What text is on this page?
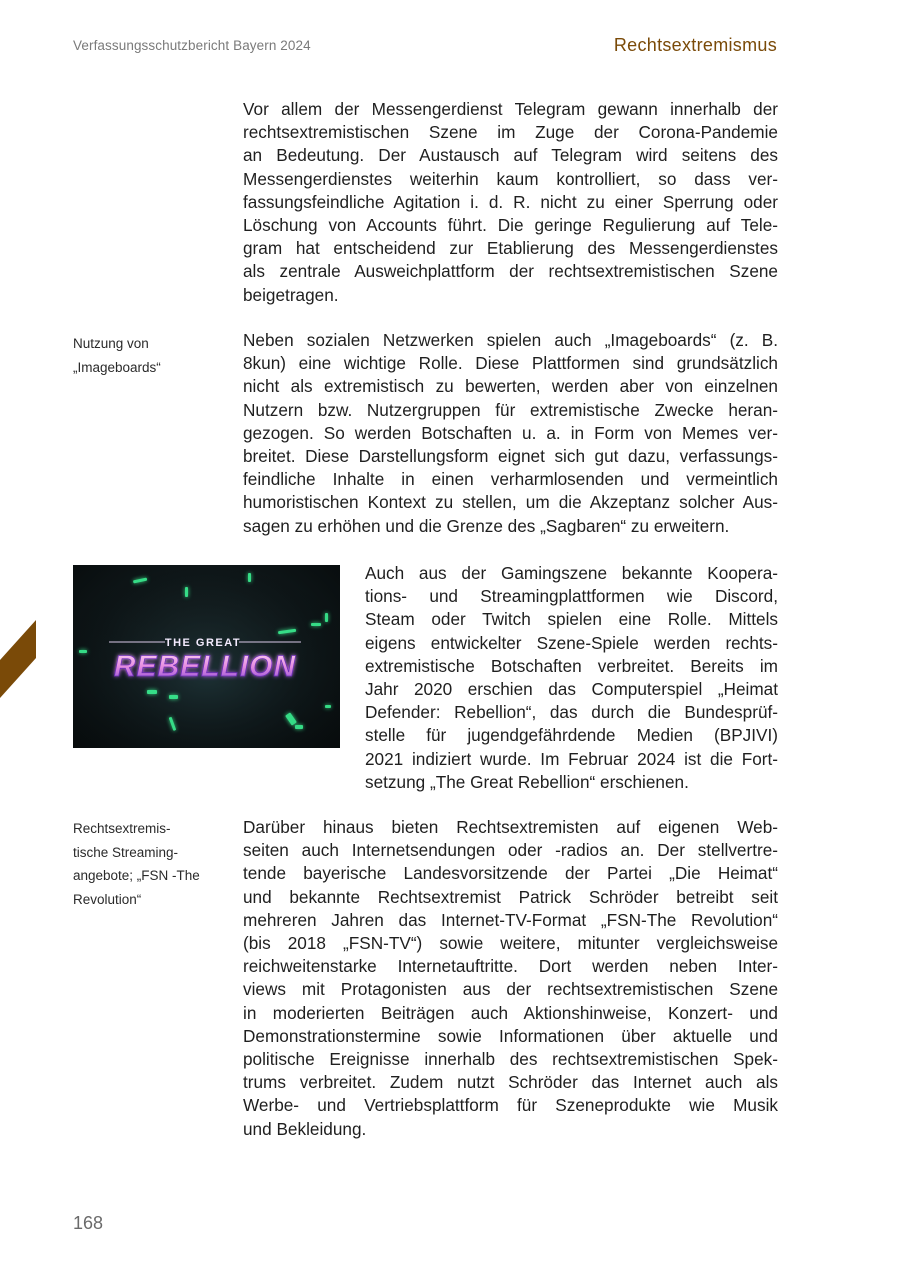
Verfassungsschutzbericht Bayern 2024	Rechtsextremismus
Vor allem der Messengerdienst Telegram gewann innerhalb der
rechtsextremistischen Szene im Zuge der Corona-Pandemie
an Bedeutung. Der Austausch auf Telegram wird seitens des
Messengerdienstes weiterhin kaum kontrolliert, so dass ver-
fassungsfeindliche Agitation i. d. R. nicht zu einer Sperrung oder
Löschung von Accounts führt. Die geringe Regulierung auf Tele-
gram hat entscheidend zur Etablierung des Messengerdienstes
als zentrale Ausweichplattform der rechtsextremistischen Szene
beigetragen.
Nutzung von
„Imageboards“
Neben sozialen Netzwerken spielen auch „Imageboards“ (z. B.
8kun) eine wichtige Rolle. Diese Plattformen sind grundsätzlich
nicht als extremistisch zu bewerten, werden aber von einzelnen
Nutzern bzw. Nutzergruppen für extremistische Zwecke heran-
gezogen. So werden Botschaften u. a. in Form von Memes ver-
breitet. Diese Darstellungsform eignet sich gut dazu, verfassungs-
feindliche Inhalte in einen verharmlosenden und vermeintlich
humoristischen Kontext zu stellen, um die Akzeptanz solcher Aus-
sagen zu erhöhen und die Grenze des „Sagbaren“ zu erweitern.
THE GREAT
REBELLION
Auch aus der Gamingszene bekannte Koopera-
tions- und Streamingplattformen wie Discord,
Steam oder Twitch spielen eine Rolle. Mittels
eigens entwickelter Szene-Spiele werden rechts-
extremistische Botschaften verbreitet. Bereits im
Jahr 2020 erschien das Computerspiel „Heimat
Defender: Rebellion“, das durch die Bundesprüf-
stelle für jugendgefährdende Medien (BPJIVI)
2021 indiziert wurde. Im Februar 2024 ist die Fort-
setzung „The Great Rebellion“ erschienen.
Rechtsextremis-
tische Streaming-
angebote; „FSN -The
Revolution“
Darüber hinaus bieten Rechtsextremisten auf eigenen Web-
seiten auch Internetsendungen oder -radios an. Der stellvertre-
tende bayerische Landesvorsitzende der Partei „Die Heimat“
und bekannte Rechtsextremist Patrick Schröder betreibt seit
mehreren Jahren das Internet-TV-Format „FSN-The Revolution“
(bis 2018 „FSN-TV“) sowie weitere, mitunter vergleichsweise
reichweitenstarke Internetauftritte. Dort werden neben Inter-
views mit Protagonisten aus der rechtsextremistischen Szene
in moderierten Beiträgen auch Aktionshinweise, Konzert- und
Demonstrationstermine sowie Informationen über aktuelle und
politische Ereignisse innerhalb des rechtsextremistischen Spek-
trums verbreitet. Zudem nutzt Schröder das Internet auch als
Werbe- und Vertriebsplattform für Szeneprodukte wie Musik
und Bekleidung.
168
